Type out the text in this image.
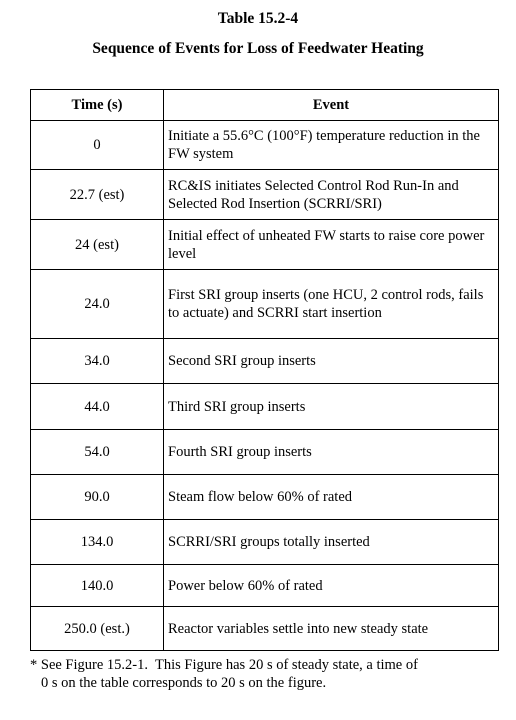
Table 15.2-4
Sequence of Events for Loss of Feedwater Heating
Time (s)	Event
0	Initiate a 55.6°C (100°F) temperature reduction in the FW system
22.7 (est)	RC&IS initiates Selected Control Rod Run-In and Selected Rod Insertion (SCRRI/SRI)
24 (est)	Initial effect of unheated FW starts to raise core power level
24.0	First SRI group inserts (one HCU, 2 control rods, fails to actuate) and SCRRI start insertion
34.0	Second SRI group inserts
44.0	Third SRI group inserts
54.0	Fourth SRI group inserts
90.0	Steam flow below 60% of rated
134.0	SCRRI/SRI groups totally inserted
140.0	Power below 60% of rated
250.0 (est.)	Reactor variables settle into new steady state
* See Figure 15.2-1.  This Figure has 20 s of steady state, a time of
0 s on the table corresponds to 20 s on the figure.
